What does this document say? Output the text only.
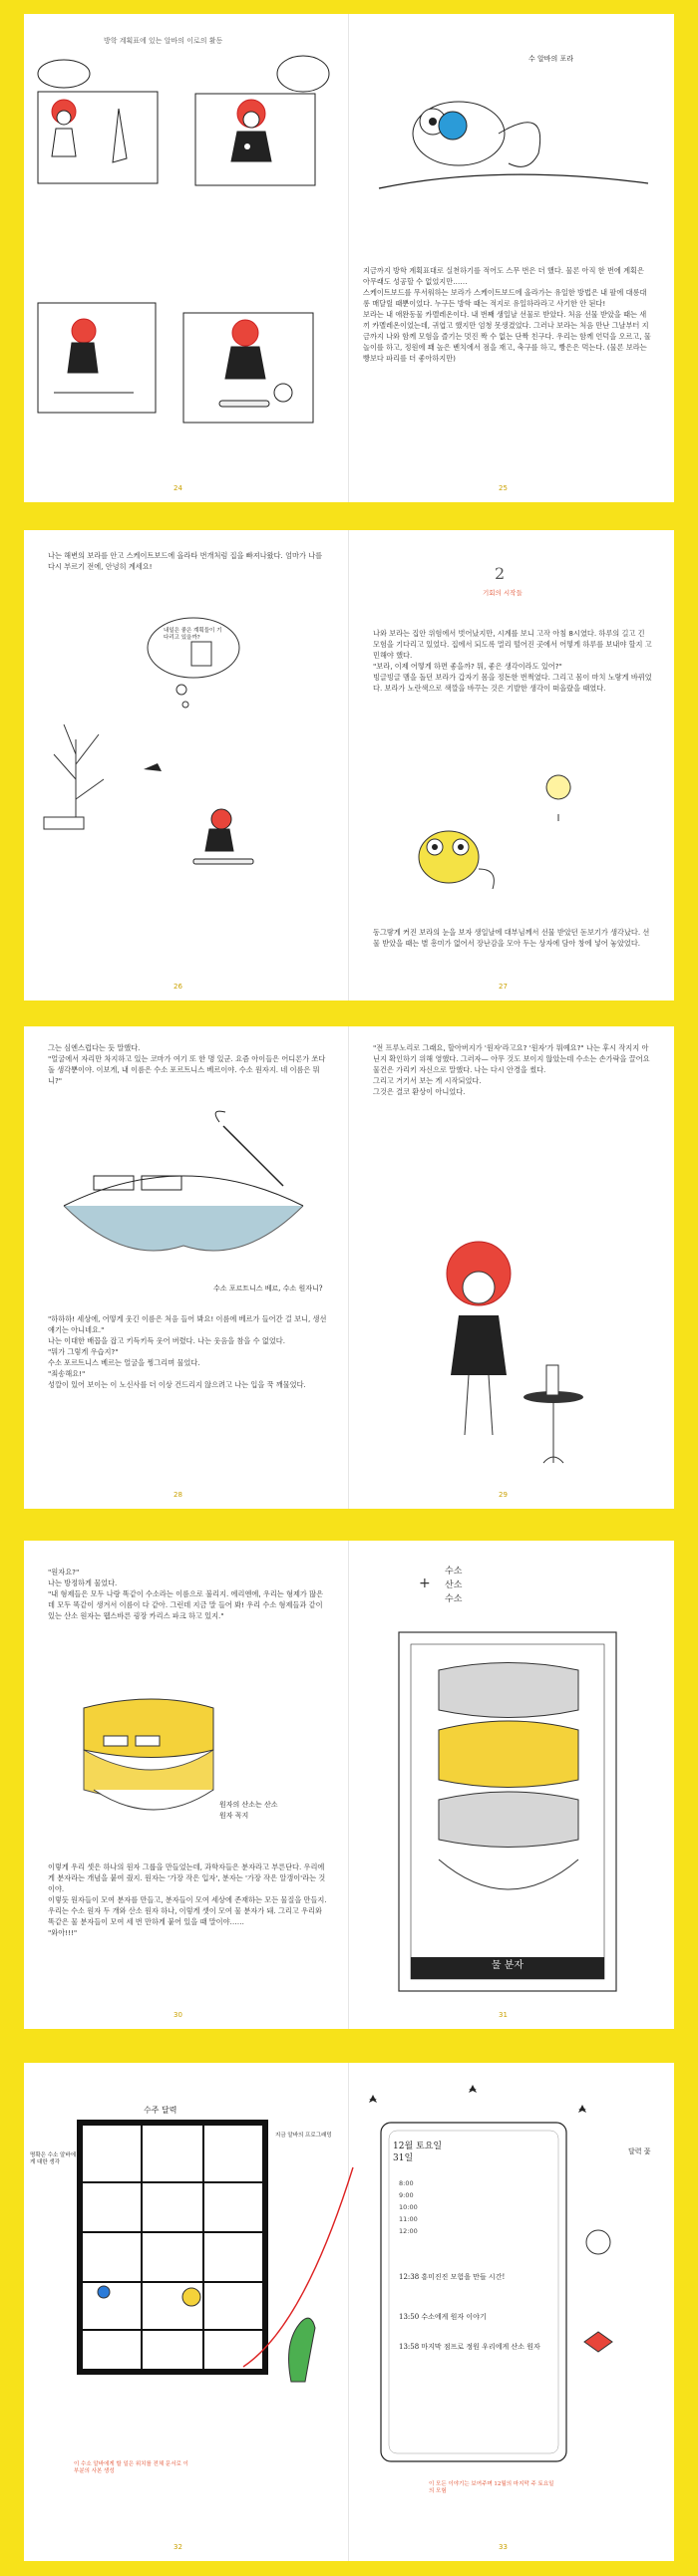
방학 계획표에 있는 알바의 이로의 활동
24
수 알바의 포라

지금까지 방학 계획표대로 실천하기를 적어도 스무 번은 더 했다. 물론 아직 한 번에 계획은 아무래도 성공할 수 없었지만……

스케이트보드를 무서워하는 보라가 스케이트보드에 올라가는 유일한 방법은 내 팔에 대롱대롱 매달릴 때뿐이었다. 누구든 방학 때는 적지로 유일하라라고 사기한 안 된다!

보라는 내 애완동물 카멜레온이다. 내 번째 생일날 선물로 받았다. 처음 선물 받았을 때는 새끼 카멜레온이었는데, 귀엽고 했지만 엄청 못생겼었다. 그러나 보라는 처음 만난 그날부터 지금까지 나와 함께 모험을 즐기는 멋진 짝 수 없는 단짝 친구다. 우리는 함께 언덕을 오르고, 물놀이를 하고, 정원에 꽤 높은 벤치에서 점을 재고, 축구를 하고, 빵은은 먹는다. (물론 보라는 빵보다 파리를 더 좋아하지만)

25
나는 해변의 보라를 안고 스케이트보드에 올라타 번개처럼 집을 빠져나왔다. 엄마가 나를 다시 부르기 전에, 안녕히 계세요!
내일은 좋은 계획들이 기다리고 있을까?
26
2
기회의 시작들

나와 보라는 집안 위험에서 벗어났지만, 시계를 보니 고작 아침 8시였다. 하루의 길고 긴 모험을 기다리고 있었다. 집에서 되도록 멀리 떨어진 곳에서 어떻게 하루를 보내야 할지 고민해야 했다.

"보라, 이제 어떻게 하면 좋을까? 뭐, 좋은 생각이라도 있어?"

빙글빙글 맴을 돌던 보라가 갑자기 몸을 정돈한 번쩍였다. 그리고 몸이 마치 노랗게 바뀌었다. 보라가 노란색으로 색깔을 바꾸는 것은 기발한 생각이 떠올랐을 때였다.

동그랗게 커진 보라의 눈을 보자 생일날에 대부님께서 선물 받았던 돋보기가 생각났다. 선물 받았을 때는 별 흥미가 없어서 장난감을 모아 두는 상자에 담아 창에 넣어 놓았었다.
27
그는 심엔스럽다는 듯 말했다.
"얼굴에서 자리만 차지하고 있는 코마가 여기 또 한 명 있군. 요즘 아이들은 어디론가 쏘다 돌 생각뿐이야. 이보게, 내 이름은 수소 포르트니스 베르이야. 수소 원자지. 네 이름은 뭐니?"
수소 포르트니스 베르, 수소 원자니?
"하하하! 세상에, 어떻게 웃긴 이름은 처음 들어 봐요! 이름에 베르가 들어간 걸 보니, 생선 얘기는 아니네요."
나는 이대한 배꼽을 잡고 키득키득 웃어 버렸다. 나는 웃음을 참을 수 없었다.
"뭐가 그렇게 우습지?"
수소 포르트니스 베르는 얼굴을 찡그리며 물었다.
"죄송해요!"
성깔이 있어 보이는 이 노신사를 더 이상 건드리지 않으려고 나는 입을 꾹 깨물었다.
28
"전 프루노리로 그래요, 할아버지가 '원자'라고요? '원자'가 뭐예요?" 나는 후시 작지지 아닌지 확인하기 위해 영했다. 그러자— 아무 것도 보이지 않았는데 수소는 손가락을 끌어요 물건은 가리키 자신으로 말했다. 나는 다시 안경을 썼다.
그리고 거기서 보는 게 시작되었다.
그것은 결코 환상이 아니었다.
29
"원자요?"
나는 방정하게 물었다.
"내 형제들은 모두 나랑 똑같이 수소라는 이름으로 불리지. 에리엔에, 우리는 형제가 많은데 모두 똑같이 생겨서 이름이 다 같아. 그런데 지금 말 들어 봐! 우리 수소 형제들과 같이 있는 산소 원자는 웹스바른 굉장 카리스 파크 하고 있지."
원자의 산소는 산소 원자 꼭지
이렇게 우리 셋은 하나의 원자 그룹을 만들었는데, 과학자들은 분자라고 부른단다. 우리에게 분자라는 개념을 붙여 줬지. 원자는 '가장 작은 입자', 분자는 '가장 작은 알갱이'라는 것이야.
이렇듯 원자들이 모여 분자를 만들고, 분자들이 모여 세상에 존재하는 모든 물질을 만들지. 우리는 수소 원자 두 개와 산소 원자 하나, 이렇게 셋이 모여 물 분자가 돼. 그리고 우리와 똑같은 물 분자들이 모여 세 번 만하게 붙어 있을 때 말이야……
"와아!!!"
30
+
수소
산소
수소
물 분자
31
수주 달력
명확은 수소 알바에게 대한 생각
지금 알바의 프로그래밍
이 수소 알바에게 할 일은 위치를 전체 문서로 이 부분의 사본 생성
32
12월 토요일 31일
8:00
9:00
10:00
11:00
12:00
12:38 흥미진진 모험을 만들 시간!
13:50 수소에게 원자 이야기
13:58 마지막 점프로 정원 우리에게 산소 원자
달력 꽃
이 모든 이야기는 보여주며 12월의 마지막 주 토요일의 모험
33
